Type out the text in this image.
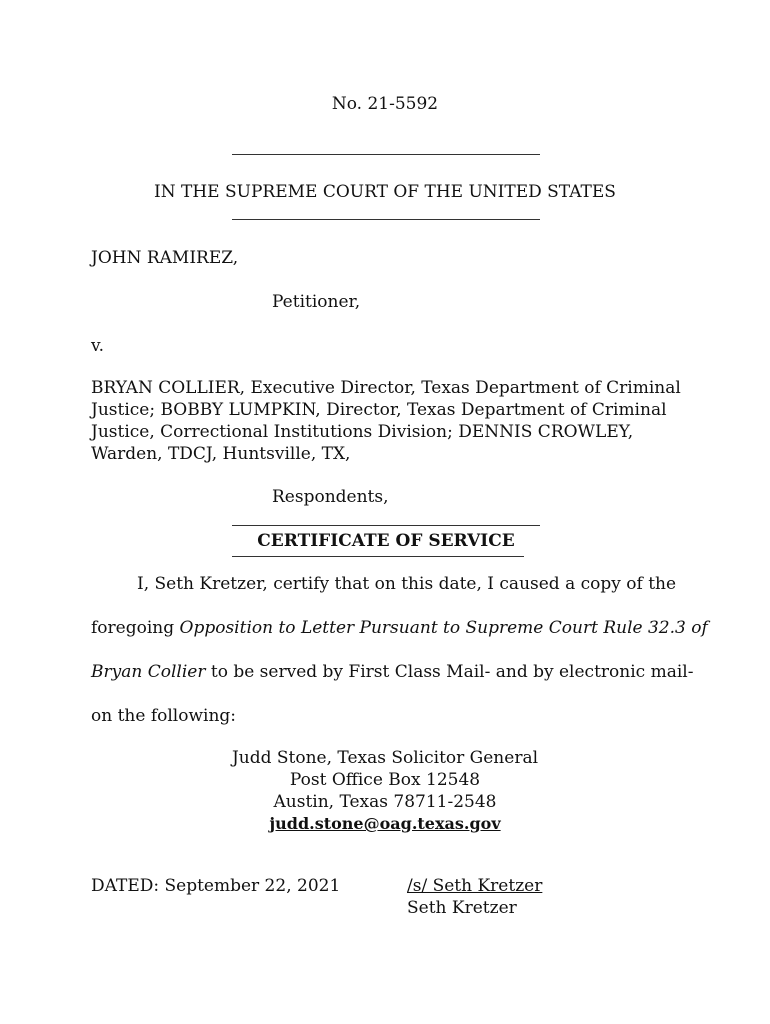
No. 21-5592
IN THE SUPREME COURT OF THE UNITED STATES
JOHN RAMIREZ,
Petitioner,
v.
BRYAN COLLIER, Executive Director, Texas Department of Criminal
Justice; BOBBY LUMPKIN, Director, Texas Department of Criminal
Justice, Correctional Institutions Division; DENNIS CROWLEY,
Warden, TDCJ, Huntsville, TX,
Respondents,
CERTIFICATE OF SERVICE
I, Seth Kretzer, certify that on this date, I caused a copy of the
foregoing Opposition to Letter Pursuant to Supreme Court Rule 32.3 of
Bryan Collier to be served by First Class Mail- and by electronic mail-
on the following:
Judd Stone, Texas Solicitor General
Post Office Box 12548
Austin, Texas 78711-2548
judd.stone@oag.texas.gov
DATED: September 22, 2021	/s/ Seth Kretzer
Seth Kretzer
